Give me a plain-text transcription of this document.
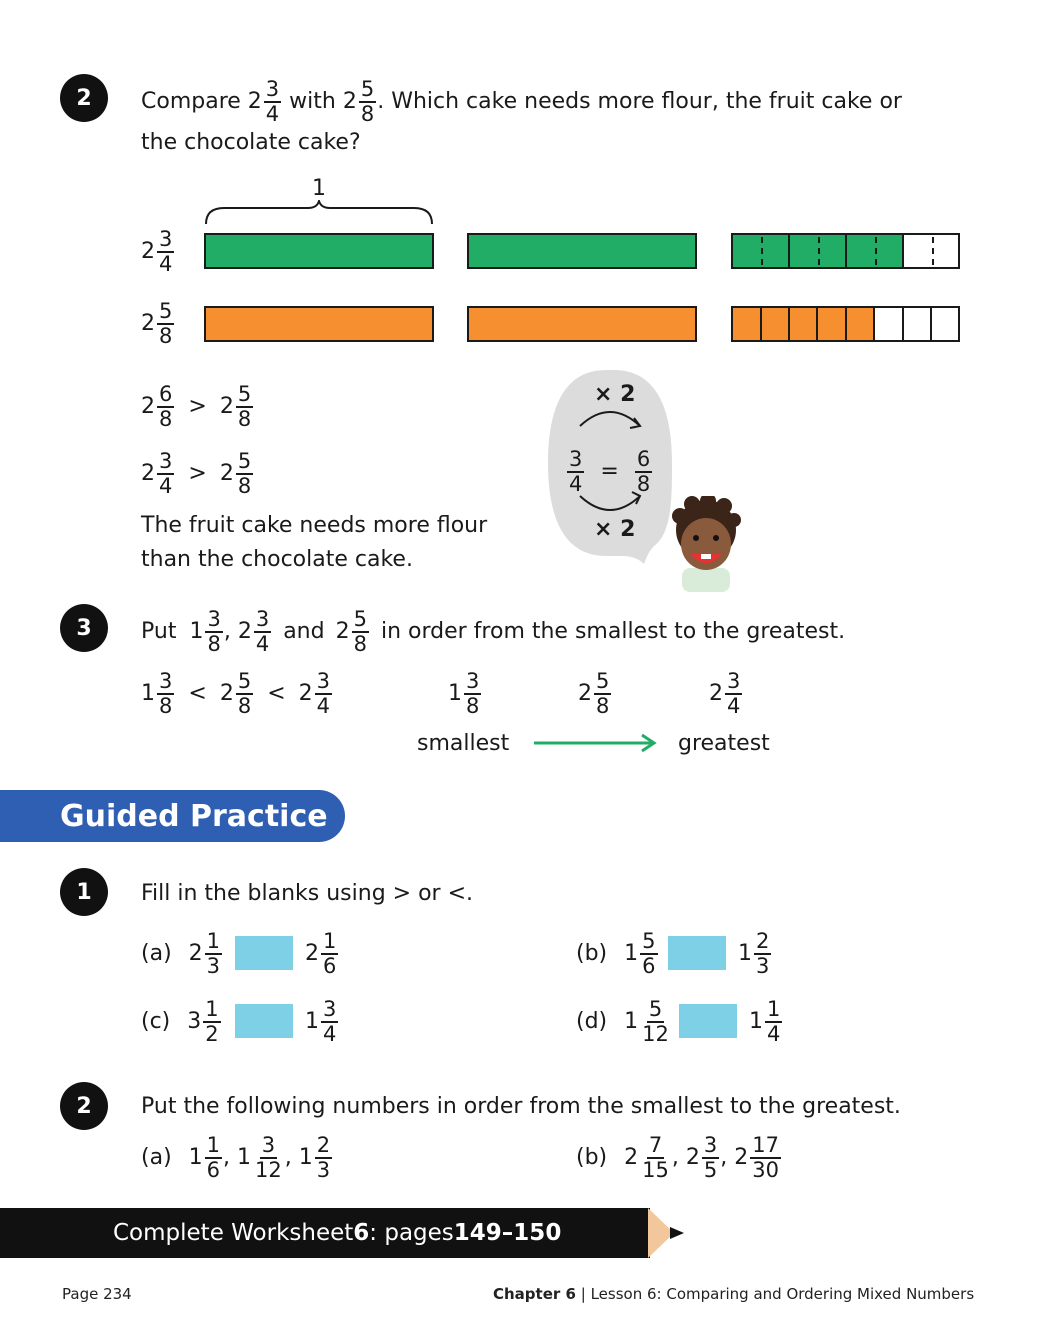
2	Compare $2 \frac{3}{4}$ with $2 \frac{5}{8}$ . Which cake needs more flour, the fruit cake or
the chocolate cake?
1
$2 \frac{3}{4}$
$2 \frac{5}{8}$
$2 \frac{6}{8} > 2 \frac{5}{8}$
$2 \frac{3}{4} > 2 \frac{5}{8}$
The fruit cake needs more flour
than the chocolate cake.
× 2
$\frac{3}{4} = \frac{6}{8}$
× 2
3	Put $1 \frac{3}{8}$ , $2 \frac{3}{4}$ and $2 \frac{5}{8}$ in order from the smallest to the greatest.
$1 \frac{3}{8} < 2 \frac{5}{8} < 2 \frac{3}{4}$	$1 \frac{3}{8}$	$2 \frac{5}{8}$	$2 \frac{3}{4}$
smallest	greatest
Guided Practice
1	Fill in the blanks using > or <.
(a) $2 \frac{1}{3}$	$2 \frac{1}{6}$	(b) $1 \frac{5}{6}$	$1 \frac{2}{3}$
(c) $3 \frac{1}{2}$	$1 \frac{3}{4}$	(d) $1 \frac{5}{12}$	$1 \frac{1}{4}$
2	Put the following numbers in order from the smallest to the greatest.
(a) $1 \frac{1}{6}$ , $1 \frac{3}{12}$ , $1 \frac{2}{3}$	(b) $2 \frac{7}{15}$ , $2 \frac{3}{5}$ , $2 \frac{17}{30}$
Complete Worksheet 6 : pages 149–150
Page 234	Chapter 6 | Lesson 6: Comparing and Ordering Mixed Numbers
